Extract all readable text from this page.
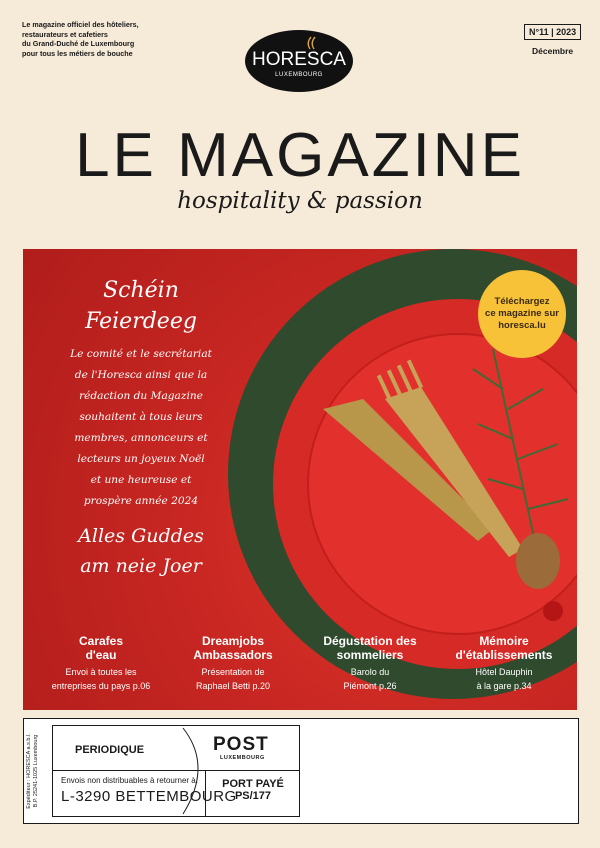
Le magazine officiel des hôteliers,
restaurateurs et cafetiers
du Grand-Duché de Luxembourg
pour tous les métiers de bouche	HORESCA
LUXEMBOURG
N°11 | 2023
Décembre
LE MAGAZINE
hospitality & passion
Schéin
Feierdeeg
Le comité et le secrétariat
de l'Horesca ainsi que la
rédaction du Magazine
souhaitent à tous leurs
membres, annonceurs et
lecteurs un joyeux Noël
et une heureuse et
prospère année 2024
Alles Guddes
am neie Joer
Téléchargez
ce magazine sur
horesca.lu
Carafes
d'eau
Envoi à toutes les
entreprises du pays p.06
Dreamjobs
Ambassadors
Présentation de
Raphael Betti p.20
Dégustation des
sommeliers
Barolo du
Piémont p.26
Mémoire
d'établissements
Hôtel Dauphin
à la gare p.34
Expéditeur : HORESCA a.s.b.l. B.P. 25241-1025 Luxembourg	PERIODIQUE	POST
LUXEMBOURG
Envois non distribuables à retourner à:
L-3290 BETTEMBOURG
PORT PAYÉ
PS/177
